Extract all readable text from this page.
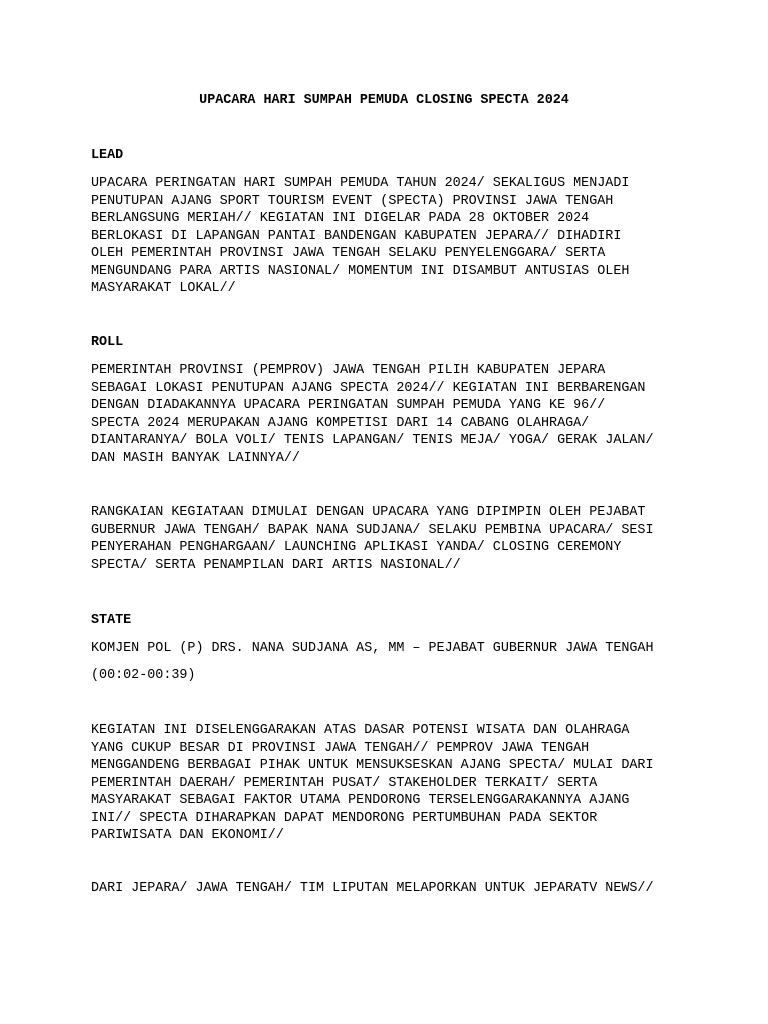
UPACARA HARI SUMPAH PEMUDA CLOSING SPECTA 2024
LEAD
UPACARA PERINGATAN HARI SUMPAH PEMUDA TAHUN 2024/ SEKALIGUS MENJADI
PENUTUPAN AJANG SPORT TOURISM EVENT (SPECTA) PROVINSI JAWA TENGAH
BERLANGSUNG MERIAH// KEGIATAN INI DIGELAR PADA 28 OKTOBER 2024
BERLOKASI DI LAPANGAN PANTAI BANDENGAN KABUPATEN JEPARA// DIHADIRI
OLEH PEMERINTAH PROVINSI JAWA TENGAH SELAKU PENYELENGGARA/ SERTA
MENGUNDANG PARA ARTIS NASIONAL/ MOMENTUM INI DISAMBUT ANTUSIAS OLEH
MASYARAKAT LOKAL//
ROLL
PEMERINTAH PROVINSI (PEMPROV) JAWA TENGAH PILIH KABUPATEN JEPARA
SEBAGAI LOKASI PENUTUPAN AJANG SPECTA 2024// KEGIATAN INI BERBARENGAN
DENGAN DIADAKANNYA UPACARA PERINGATAN SUMPAH PEMUDA YANG KE 96//
SPECTA 2024 MERUPAKAN AJANG KOMPETISI DARI 14 CABANG OLAHRAGA/
DIANTARANYA/ BOLA VOLI/ TENIS LAPANGAN/ TENIS MEJA/ YOGA/ GERAK JALAN/
DAN MASIH BANYAK LAINNYA//
RANGKAIAN KEGIATAAN DIMULAI DENGAN UPACARA YANG DIPIMPIN OLEH PEJABAT
GUBERNUR JAWA TENGAH/ BAPAK NANA SUDJANA/ SELAKU PEMBINA UPACARA/ SESI
PENYERAHAN PENGHARGAAN/ LAUNCHING APLIKASI YANDA/ CLOSING CEREMONY
SPECTA/ SERTA PENAMPILAN DARI ARTIS NASIONAL//
STATE
KOMJEN POL (P) DRS. NANA SUDJANA AS, MM – PEJABAT GUBERNUR JAWA TENGAH
(00:02-00:39)
KEGIATAN INI DISELENGGARAKAN ATAS DASAR POTENSI WISATA DAN OLAHRAGA
YANG CUKUP BESAR DI PROVINSI JAWA TENGAH// PEMPROV JAWA TENGAH
MENGGANDENG BERBAGAI PIHAK UNTUK MENSUKSESKAN AJANG SPECTA/ MULAI DARI
PEMERINTAH DAERAH/ PEMERINTAH PUSAT/ STAKEHOLDER TERKAIT/ SERTA
MASYARAKAT SEBAGAI FAKTOR UTAMA PENDORONG TERSELENGGARAKANNYA AJANG
INI// SPECTA DIHARAPKAN DAPAT MENDORONG PERTUMBUHAN PADA SEKTOR
PARIWISATA DAN EKONOMI//
DARI JEPARA/ JAWA TENGAH/ TIM LIPUTAN MELAPORKAN UNTUK JEPARATV NEWS//
